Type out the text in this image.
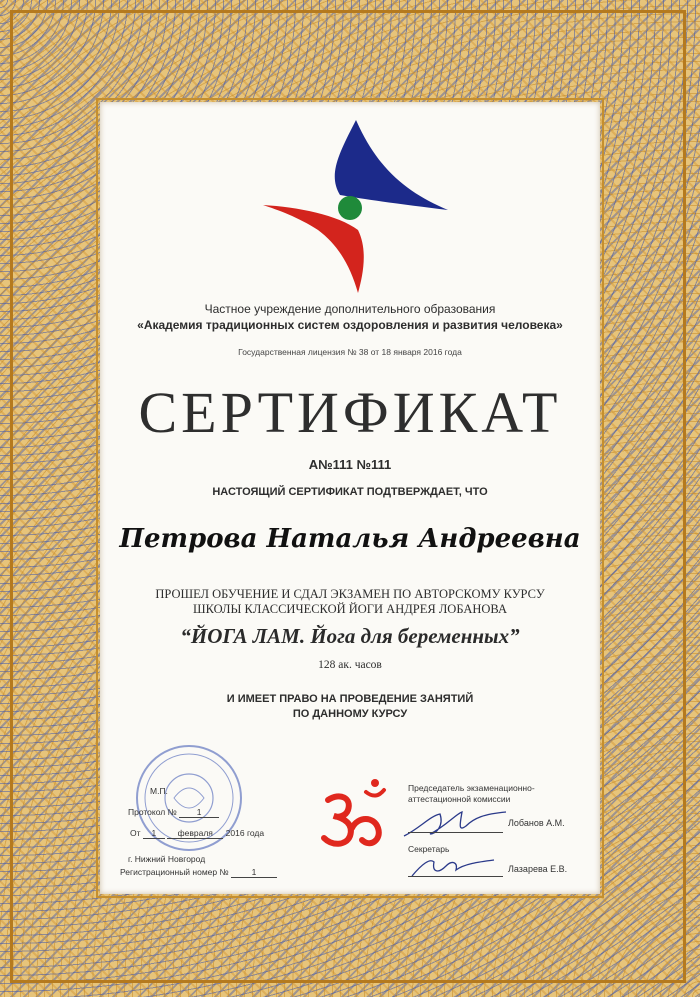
Частное учреждение дополнительного образования
«Академия традиционных систем оздоровления и развития человека»
Государственная лицензия № 38 от 18 января 2016 года
СЕРТИФИКАТ
А№111 №111
НАСТОЯЩИЙ СЕРТИФИКАТ ПОДТВЕРЖДАЕТ, ЧТО
Петрова Наталья Андреевна
ПРОШЕЛ ОБУЧЕНИЕ И СДАЛ ЭКЗАМЕН ПО АВТОРСКОМУ КУРСУ
ШКОЛЫ КЛАССИЧЕСКОЙ ЙОГИ АНДРЕЯ ЛОБАНОВА
“ЙОГА ЛАМ. Йога для беременных”
128 ак. часов
И ИМЕЕТ ПРАВО НА ПРОВЕДЕНИЕ ЗАНЯТИЙ
ПО ДАННОМУ КУРСУ
М.П.
Протокол № 1
От 1	февраля 2016 года
г. Нижний Новгород
Регистрационный номер №	1
Председатель экзаменационно-
аттестационной комиссии
Лобанов А.М.
Секретарь
Лазарева Е.В.
